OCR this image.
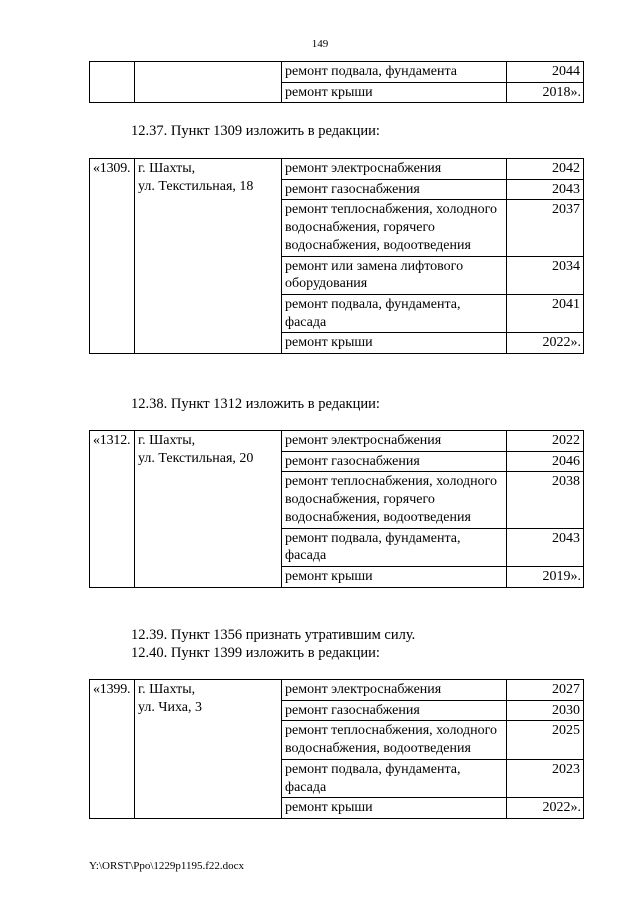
149
		ремонт подвала, фундамента	2044
		ремонт крыши	2018».
12.37. Пункт 1309 изложить в редакции:
«1309.	г. Шахты,
ул. Текстильная, 18	ремонт электроснабжения	2042
		ремонт газоснабжения	2043
		ремонт теплоснабжения, холодного водоснабжения, горячего водоснабжения, водоотведения	2037
		ремонт или замена лифтового оборудования	2034
		ремонт подвала, фундамента, фасада	2041
		ремонт крыши	2022».
12.38. Пункт 1312 изложить в редакции:
«1312.	г. Шахты,
ул. Текстильная, 20	ремонт электроснабжения	2022
		ремонт газоснабжения	2046
		ремонт теплоснабжения, холодного водоснабжения, горячего водоснабжения, водоотведения	2038
		ремонт подвала, фундамента, фасада	2043
		ремонт крыши	2019».
12.39. Пункт 1356 признать утратившим силу.
12.40. Пункт 1399 изложить в редакции:
«1399.	г. Шахты,
ул. Чиха, 3	ремонт электроснабжения	2027
		ремонт газоснабжения	2030
		ремонт теплоснабжения, холодного водоснабжения, водоотведения	2025
		ремонт подвала, фундамента, фасада	2023
		ремонт крыши	2022».
Y:\ORST\Ppo\1229p1195.f22.docx
